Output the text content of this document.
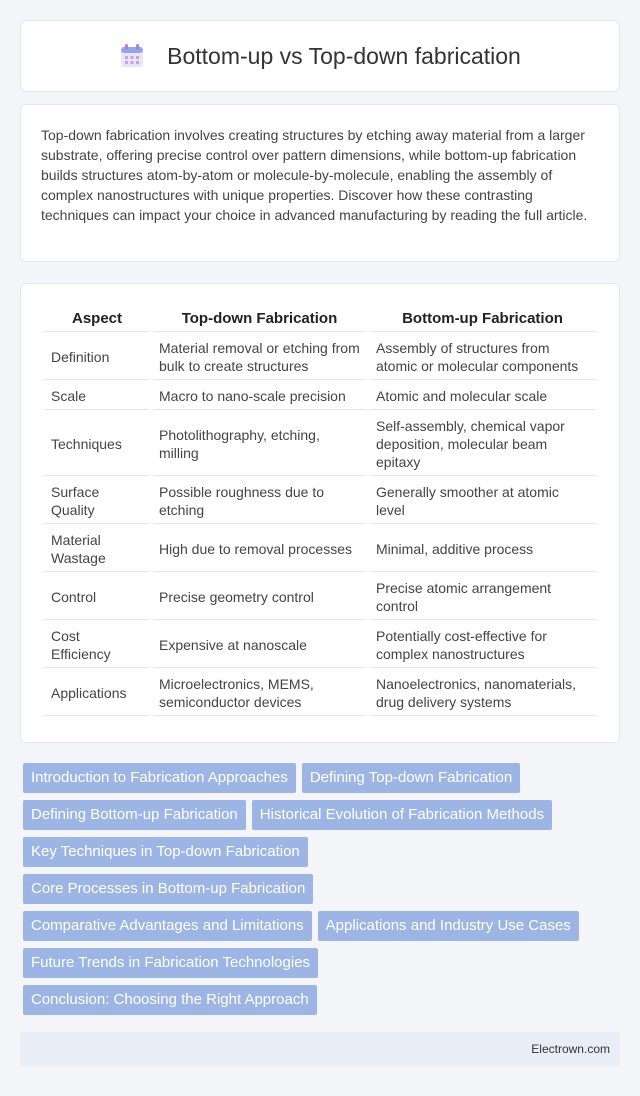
Bottom-up vs Top-down fabrication

Top-down fabrication involves creating structures by etching away material from a larger substrate, offering precise control over pattern dimensions, while bottom-up fabrication builds structures atom-by-atom or molecule-by-molecule, enabling the assembly of complex nanostructures with unique properties. Discover how these contrasting techniques can impact your choice in advanced manufacturing by reading the full article.

Aspect	Top-down Fabrication	Bottom-up Fabrication
Definition	Material removal or etching from bulk to create structures	Assembly of structures from atomic or molecular components
Scale	Macro to nano-scale precision	Atomic and molecular scale
Techniques	Photolithography, etching, milling	Self-assembly, chemical vapor deposition, molecular beam epitaxy
Surface Quality	Possible roughness due to etching	Generally smoother at atomic level
Material Wastage	High due to removal processes	Minimal, additive process
Control	Precise geometry control	Precise atomic arrangement control
Cost Efficiency	Expensive at nanoscale	Potentially cost-effective for complex nanostructures
Applications	Microelectronics, MEMS, semiconductor devices	Nanoelectronics, nanomaterials, drug delivery systems
Introduction to Fabrication Approaches Defining Top-down Fabrication
Defining Bottom-up Fabrication Historical Evolution of Fabrication Methods
Key Techniques in Top-down Fabrication
Core Processes in Bottom-up Fabrication
Comparative Advantages and Limitations Applications and Industry Use Cases
Future Trends in Fabrication Technologies
Conclusion: Choosing the Right Approach
Electrown.com
